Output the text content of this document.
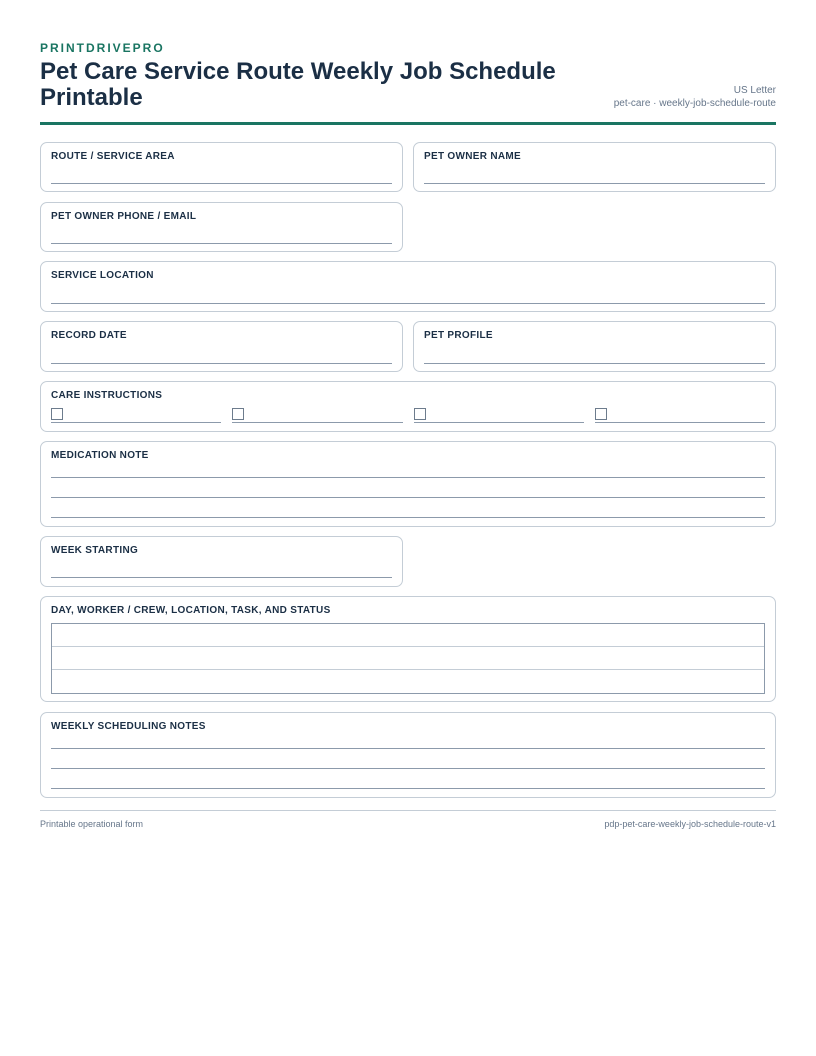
PRINTDRIVEPRO
Pet Care Service Route Weekly Job Schedule Printable	US Letter
pet-care · weekly-job-schedule-route
ROUTE / SERVICE AREA	PET OWNER NAME
PET OWNER PHONE / EMAIL
SERVICE LOCATION
RECORD DATE	PET PROFILE
CARE INSTRUCTIONS
MEDICATION NOTE
WEEK STARTING
DAY, WORKER / CREW, LOCATION, TASK, AND STATUS
WEEKLY SCHEDULING NOTES
Printable operational form	pdp-pet-care-weekly-job-schedule-route-v1
